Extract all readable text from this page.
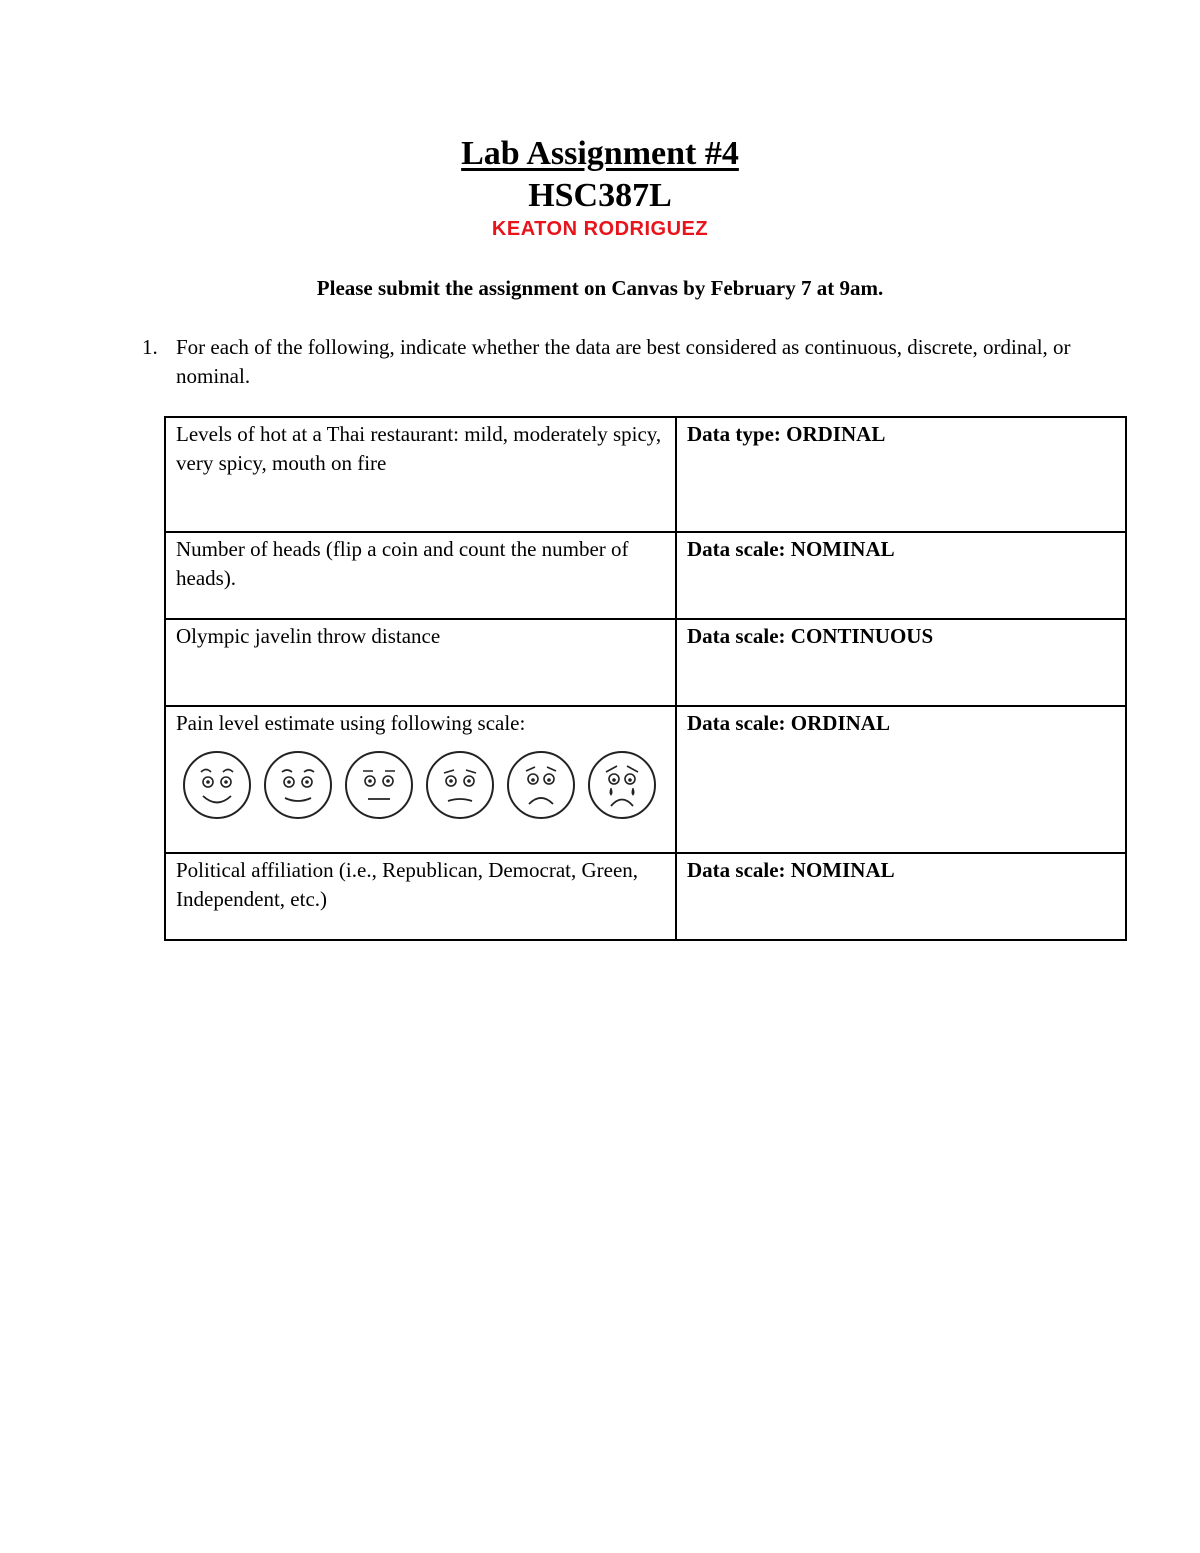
Lab Assignment #4
HSC387L
KEATON RODRIGUEZ
Please submit the assignment on Canvas by February 7 at 9am.
1. For each of the following, indicate whether the data are best considered as continuous, discrete, ordinal, or nominal.
Levels of hot at a Thai restaurant: mild, moderately spicy, very spicy, mouth on fire	Data type: ORDINAL
Number of heads (flip a coin and count the number of heads).	Data scale: NOMINAL
Olympic javelin throw distance	Data scale: CONTINUOUS

Pain level estimate using following scale:	Data scale: ORDINAL
Political affiliation (i.e., Republican, Democrat, Green, Independent, etc.)	Data scale: NOMINAL
